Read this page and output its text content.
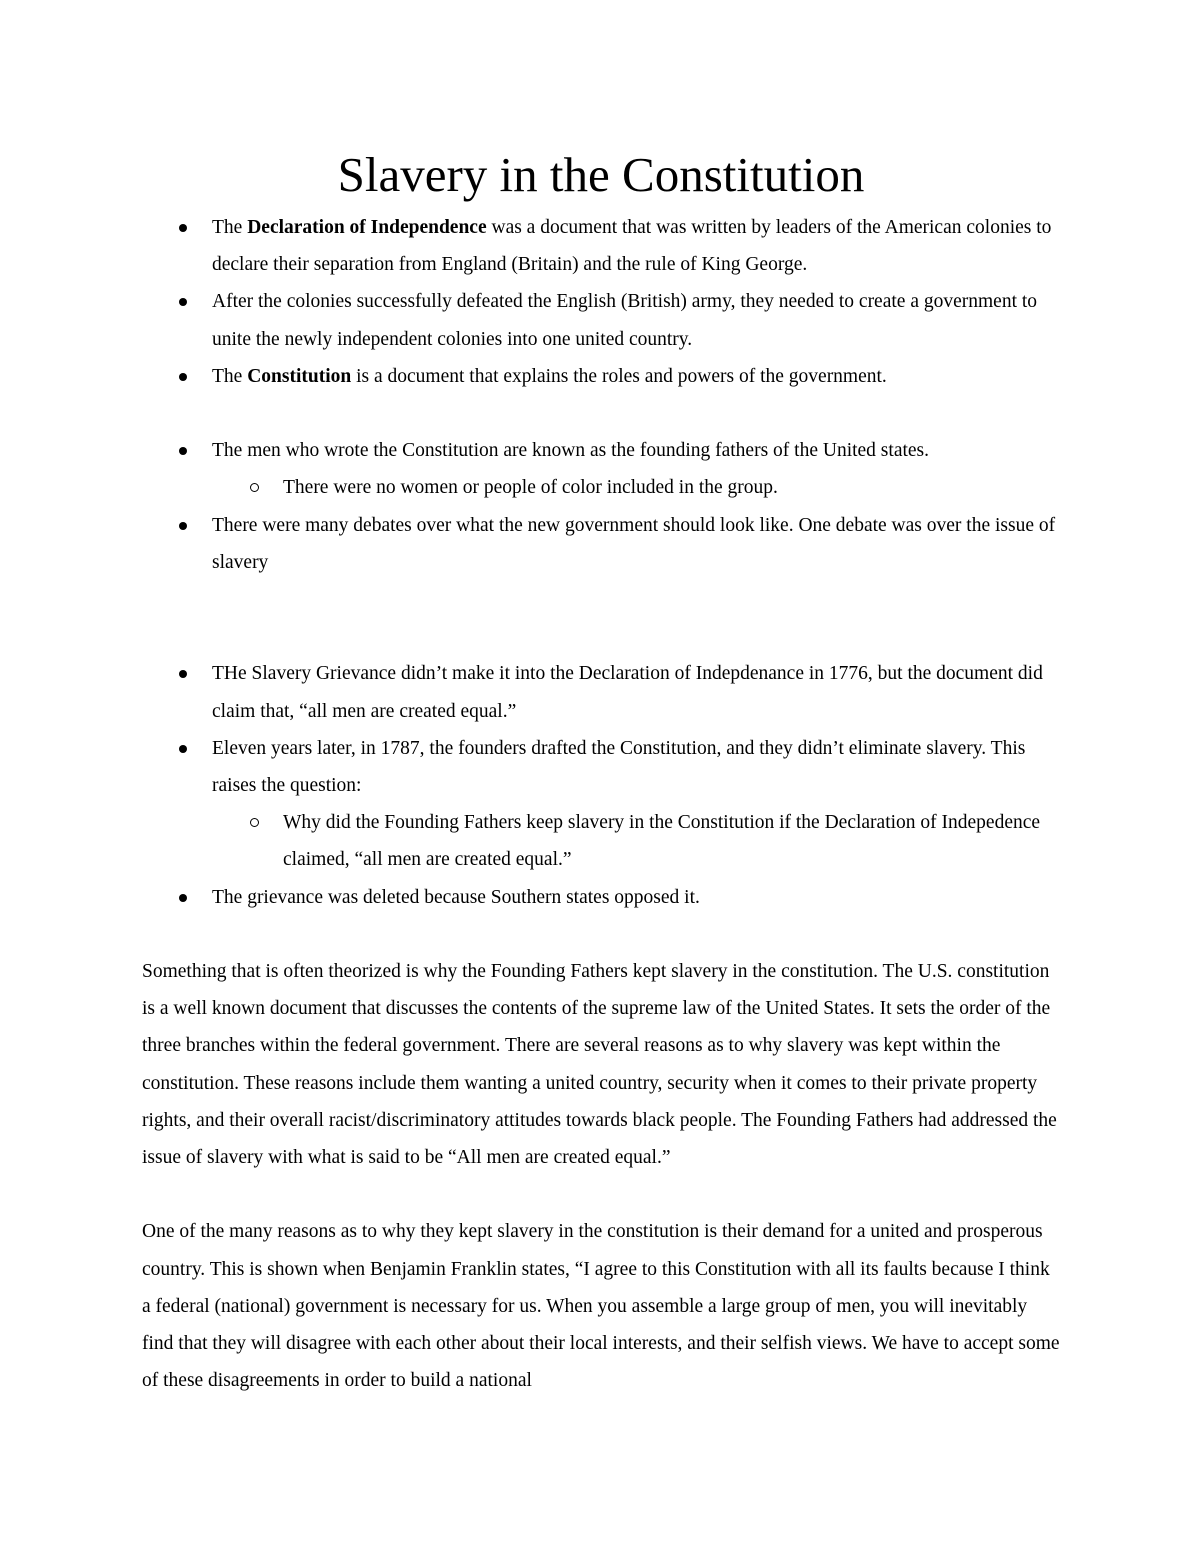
Slavery in the Constitution
The Declaration of Independence was a document that was written by leaders of the American colonies to declare their separation from England (Britain) and the rule of King George.
After the colonies successfully defeated the English (British) army, they needed to create a government to unite the newly independent colonies into one united country.
The Constitution is a document that explains the roles and powers of the government.
The men who wrote the Constitution are known as the founding fathers of the United states.
There were no women or people of color included in the group.
There were many debates over what the new government should look like. One debate was over the issue of slavery
THe Slavery Grievance didn’t make it into the Declaration of Indepdenance in 1776, but the document did claim that, “all men are created equal.”
Eleven years later, in 1787, the founders drafted the Constitution, and they didn’t eliminate slavery. This raises the question:
Why did the Founding Fathers keep slavery in the Constitution if the Declaration of Indepedence claimed, “all men are created equal.”
The grievance was deleted because Southern states opposed it.

Something that is often theorized is why the Founding Fathers kept slavery in the constitution. The U.S. constitution is a well known document that discusses the contents of the supreme law of the United States. It sets the order of the three branches within the federal government. There are several reasons as to why slavery was kept within the constitution. These reasons include them wanting a united country, security when it comes to their private property rights, and their overall racist/discriminatory attitudes towards black people. The Founding Fathers had addressed the issue of slavery with what is said to be “All men are created equal.”

One of the many reasons as to why they kept slavery in the constitution is their demand for a united and prosperous country. This is shown when Benjamin Franklin states, “I agree to this Constitution with all its faults because I think a federal (national) government is necessary for us. When you assemble a large group of men, you will inevitably find that they will disagree with each other about their local interests, and their selfish views. We have to accept some of these disagreements in order to build a national
